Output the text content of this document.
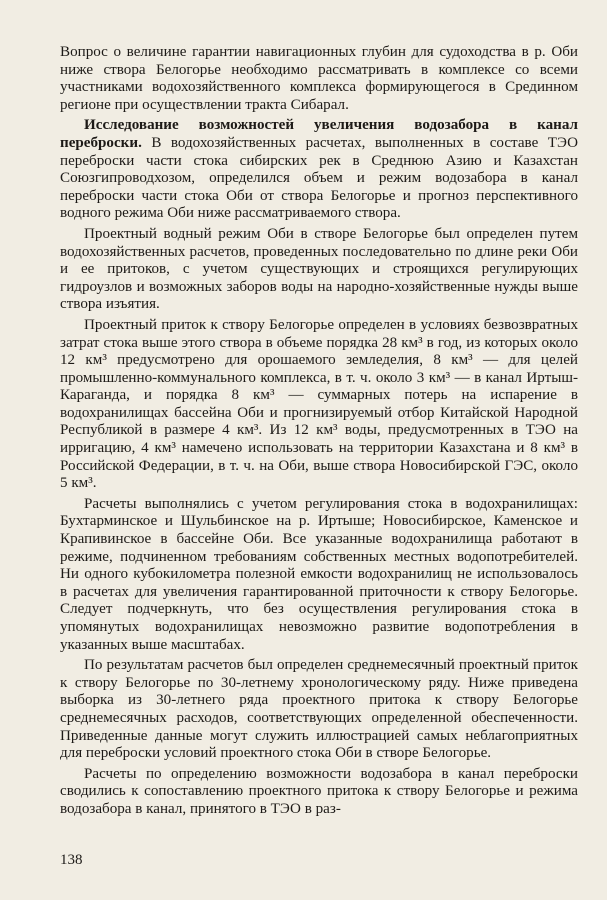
Вопрос о величине гарантии навигационных глубин для судоходства в р. Оби ниже створа Белогорье необходимо рассматривать в комплексе со всеми участниками водохозяйственного комплекса формирующегося в Срединном регионе при осуществлении тракта Сибарал.

Исследование возможностей увеличения водозабора в канал переброски. В водохозяйственных расчетах, выполненных в составе ТЭО переброски части стока сибирских рек в Среднюю Азию и Казахстан Союзгипроводхозом, определился объем и режим водозабора в канал переброски части стока Оби от створа Белогорье и прогноз перспективного водного режима Оби ниже рассматриваемого створа.

Проектный водный режим Оби в створе Белогорье был определен путем водохозяйственных расчетов, проведенных последовательно по длине реки Оби и ее притоков, с учетом существующих и строящихся регулирующих гидроузлов и возможных заборов воды на народно-хозяйственные нужды выше створа изъятия.

Проектный приток к створу Белогорье определен в условиях безвозвратных затрат стока выше этого створа в объеме порядка 28 км³ в год, из которых около 12 км³ предусмотрено для орошаемого земледелия, 8 км³ — для целей промышленно-коммунального комплекса, в т. ч. около 3 км³ — в канал Иртыш-Караганда, и порядка 8 км³ — суммарных потерь на испарение в водохранилищах бассейна Оби и прогнизируемый отбор Китайской Народной Республикой в размере 4 км³. Из 12 км³ воды, предусмотренных в ТЭО на ирригацию, 4 км³ намечено использовать на территории Казахстана и 8 км³ в Российской Федерации, в т. ч. на Оби, выше створа Новосибирской ГЭС, около 5 км³.

Расчеты выполнялись с учетом регулирования стока в водохранилищах: Бухтарминское и Шульбинское на р. Иртыше; Новосибирское, Каменское и Крапивинское в бассейне Оби. Все указанные водохранилища работают в режиме, подчиненном требованиям собственных местных водопотребителей. Ни одного кубокилометра полезной емкости водохранилищ не использовалось в расчетах для увеличения гарантированной приточности к створу Белогорье. Следует подчеркнуть, что без осуществления регулирования стока в упомянутых водохранилищах невозможно развитие водопотребления в указанных выше масштабах.

По результатам расчетов был определен среднемесячный проектный приток к створу Белогорье по 30-летнему хронологическому ряду. Ниже приведена выборка из 30-летнего ряда проектного притока к створу Белогорье среднемесячных расходов, соответствующих определенной обеспеченности. Приведенные данные могут служить иллюстрацией самых неблагоприятных для переброски условий проектного стока Оби в створе Белогорье.

Расчеты по определению возможности водозабора в канал переброски сводились к сопоставлению проектного притока к створу Белогорье и режима водозабора в канал, принятого в ТЭО в раз-

138
